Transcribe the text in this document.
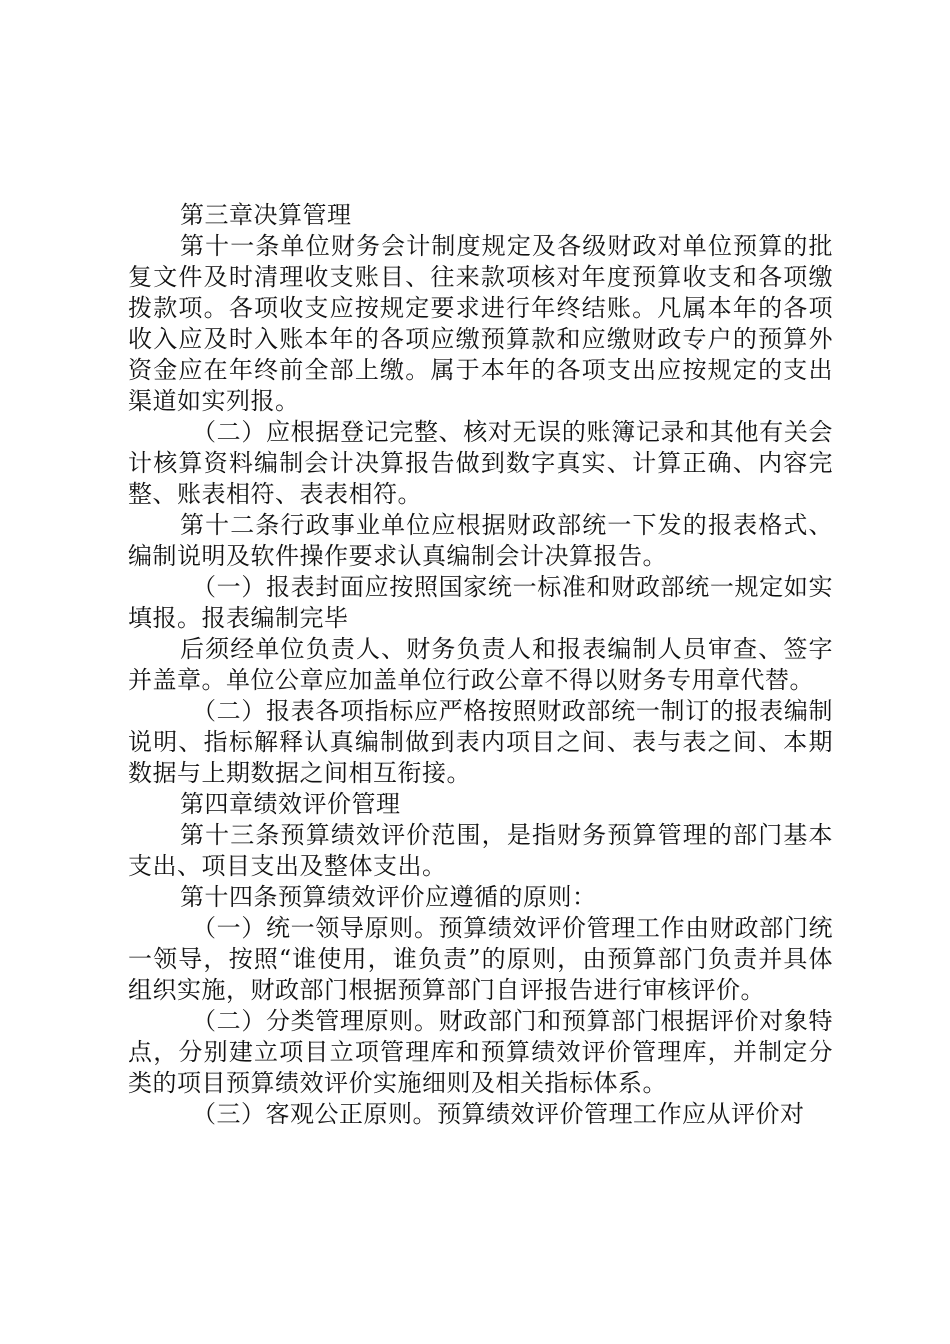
第三章决算管理

第十一条单位财务会计制度规定及各级财政对单位预算的批复文件及时清理收支账目、往来款项核对年度预算收支和各项缴拨款项。各项收支应按规定要求进行年终结账。凡属本年的各项收入应及时入账本年的各项应缴预算款和应缴财政专户的预算外资金应在年终前全部上缴。属于本年的各项支出应按规定的支出渠道如实列报。

（二）应根据登记完整、核对无误的账簿记录和其他有关会计核算资料编制会计决算报告做到数字真实、计算正确、内容完整、账表相符、表表相符。

第十二条行政事业单位应根据财政部统一下发的报表格式、编制说明及软件操作要求认真编制会计决算报告。

（一）报表封面应按照国家统一标准和财政部统一规定如实填报。报表编制完毕

后须经单位负责人、财务负责人和报表编制人员审查、签字并盖章。单位公章应加盖单位行政公章不得以财务专用章代替。

（二）报表各项指标应严格按照财政部统一制订的报表编制说明、指标解释认真编制做到表内项目之间、表与表之间、本期数据与上期数据之间相互衔接。

第四章绩效评价管理

第十三条预算绩效评价范围，是指财务预算管理的部门基本支出、项目支出及整体支出。

第十四条预算绩效评价应遵循的原则：

（一）统一领导原则。预算绩效评价管理工作由财政部门统一领导，按照“谁使用，谁负责”的原则，由预算部门负责并具体组织实施，财政部门根据预算部门自评报告进行审核评价。

（二）分类管理原则。财政部门和预算部门根据评价对象特点，分别建立项目立项管理库和预算绩效评价管理库，并制定分类的项目预算绩效评价实施细则及相关指标体系。

（三）客观公正原则。预算绩效评价管理工作应从评价对
